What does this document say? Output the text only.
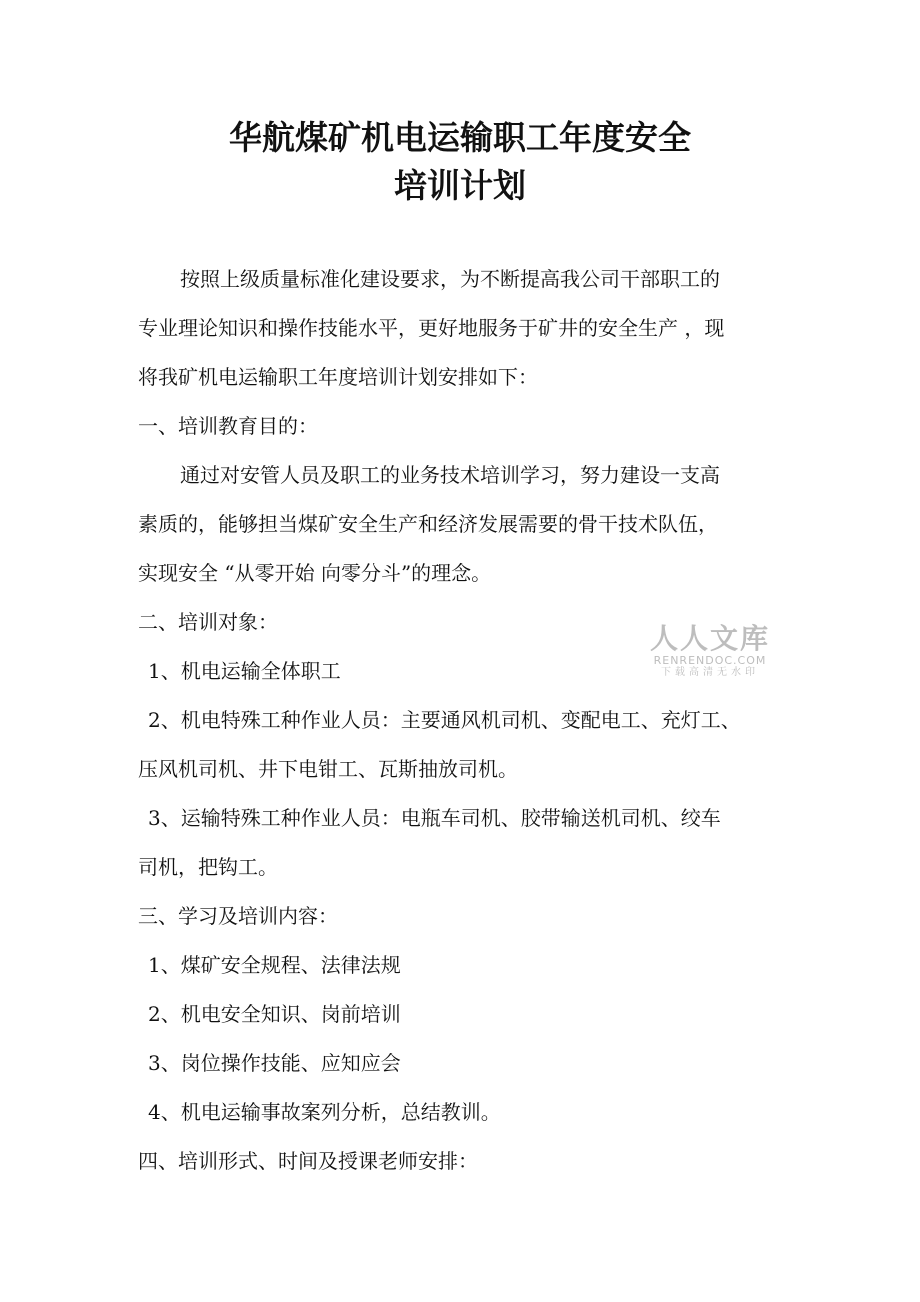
华航煤矿机电运输职工年度安全
培训计划
按照上级质量标准化建设要求，为不断提高我公司干部职工的
专业理论知识和操作技能水平，更好地服务于矿井的安全生产 ，现
将我矿机电运输职工年度培训计划安排如下：
一、培训教育目的：
通过对安管人员及职工的业务技术培训学习，努力建设一支高
素质的，能够担当煤矿安全生产和经济发展需要的骨干技术队伍，
实现安全 “从零开始 向零分斗”的理念。
二、培训对象：
1、机电运输全体职工
2、机电特殊工种作业人员：主要通风机司机、变配电工、充灯工、
压风机司机、井下电钳工、瓦斯抽放司机。
3、运输特殊工种作业人员：电瓶车司机、胶带输送机司机、绞车
司机，把钩工。
三、学习及培训内容：
1、煤矿安全规程、法律法规
2、机电安全知识、岗前培训
3、岗位操作技能、应知应会
4、机电运输事故案列分析，总结教训。
四、培训形式、时间及授课老师安排：
人人文库
RENRENDOC.COM
下载高清无水印
